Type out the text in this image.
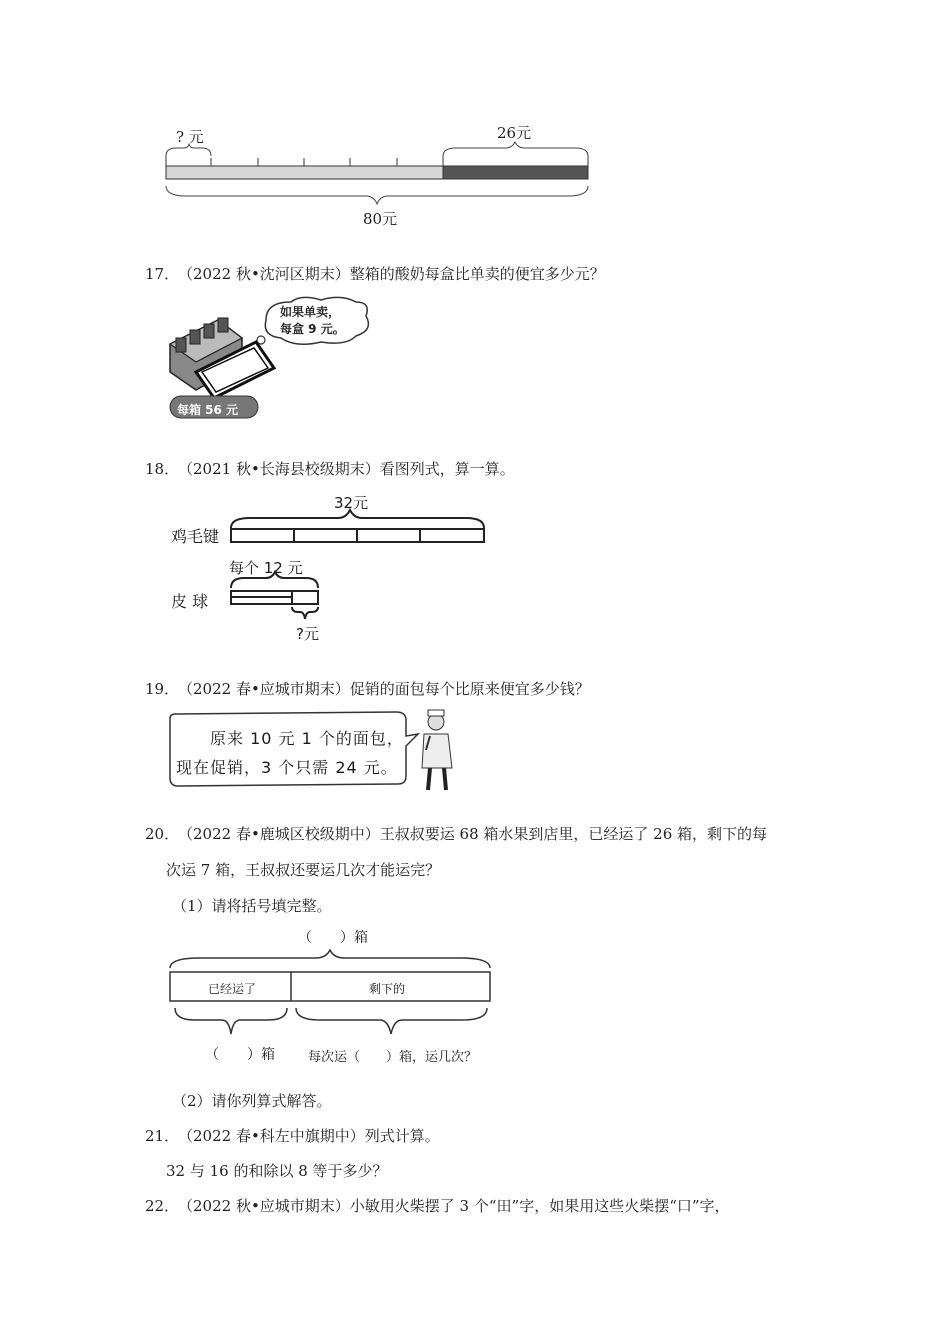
? 元	26元
80元
17．
（2022 秋•沈河区期末）整箱的酸奶每盒比单卖的便宜多少元？
如果单卖，
每盒 9 元。
每箱 56 元
18．
（2021 秋•长海县校级期末）看图列式，算一算。
32元
鸡毛键
每个 12 元
皮 球
?元
19．
（2022 春•应城市期末）促销的面包每个比原来便宜多少钱？
原来 10 元 1 个的面包，
现在促销，3 个只需 24 元。
20．
（2022 春•鹿城区校级期中）王叔叔要运 68 箱水果到店里，已经运了 26 箱，剩下的每
次运 7 箱，王叔叔还要运几次才能运完？
（1）请将括号填完整。
（　　）箱
已经运了	剩下的
（　　）箱	每次运（　　）箱，运几次？
（2）请你列算式解答。
21．
（2022 春•科左中旗期中）列式计算。
32 与 16 的和除以 8 等于多少？
22．
（2022 秋•应城市期末）小敏用火柴摆了 3 个“田”字，如果用这些火柴摆“口”字，
